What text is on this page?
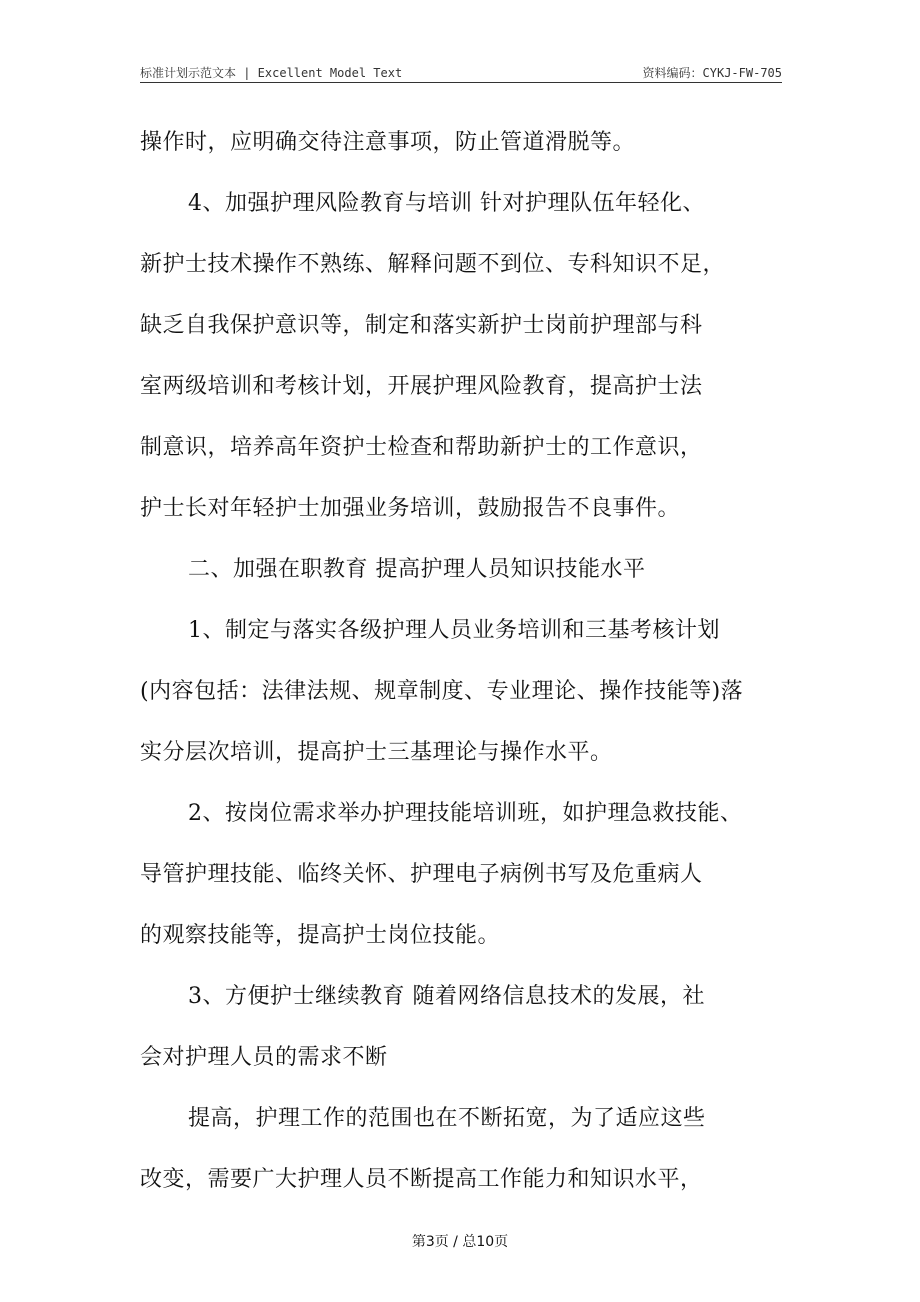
标准计划示范文本 | Excellent Model Text	资料编码：CYKJ-FW-705
操作时，应明确交待注意事项，防止管道滑脱等。
4、加强护理风险教育与培训 针对护理队伍年轻化、
新护士技术操作不熟练、解释问题不到位、专科知识不足，
缺乏自我保护意识等，制定和落实新护士岗前护理部与科
室两级培训和考核计划，开展护理风险教育，提高护士法
制意识，培养高年资护士检查和帮助新护士的工作意识，
护士长对年轻护士加强业务培训，鼓励报告不良事件。
二、加强在职教育 提高护理人员知识技能水平
1、制定与落实各级护理人员业务培训和三基考核计划
(内容包括：法律法规、规章制度、专业理论、操作技能等)落
实分层次培训，提高护士三基理论与操作水平。
2、按岗位需求举办护理技能培训班，如护理急救技能、
导管护理技能、临终关怀、护理电子病例书写及危重病人
的观察技能等，提高护士岗位技能。
3、方便护士继续教育 随着网络信息技术的发展，社
会对护理人员的需求不断
提高，护理工作的范围也在不断拓宽，为了适应这些
改变，需要广大护理人员不断提高工作能力和知识水平，
第3页 / 总10页
